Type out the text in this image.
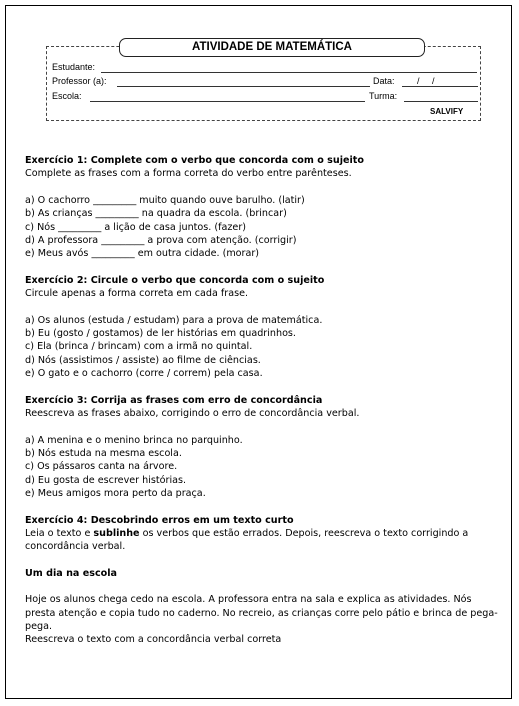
ATIVIDADE DE MATEMÁTICA
Estudante:
Professor (a):	Data: / /
Escola:	Turma:
SALVIFY

Exercício 1: Complete com o verbo que concorda com o sujeito

Complete as frases com a forma correta do verbo entre parênteses.

a) O cachorro _________ muito quando ouve barulho. (latir)

b) As crianças _________ na quadra da escola. (brincar)

c) Nós _________ a lição de casa juntos. (fazer)

d) A professora _________ a prova com atenção. (corrigir)

e) Meus avós _________ em outra cidade. (morar)

Exercício 2: Circule o verbo que concorda com o sujeito

Circule apenas a forma correta em cada frase.

a) Os alunos (estuda / estudam) para a prova de matemática.

b) Eu (gosto / gostamos) de ler histórias em quadrinhos.

c) Ela (brinca / brincam) com a irmã no quintal.

d) Nós (assistimos / assiste) ao filme de ciências.

e) O gato e o cachorro (corre / correm) pela casa.

Exercício 3: Corrija as frases com erro de concordância

Reescreva as frases abaixo, corrigindo o erro de concordância verbal.

a) A menina e o menino brinca no parquinho.

b) Nós estuda na mesma escola.

c) Os pássaros canta na árvore.

d) Eu gosta de escrever histórias.

e) Meus amigos mora perto da praça.

Exercício 4: Descobrindo erros em um texto curto

Leia o texto e sublinhe os verbos que estão errados. Depois, reescreva o texto corrigindo a concordância verbal.

Um dia na escola

Hoje os alunos chega cedo na escola. A professora entra na sala e explica as atividades. Nós presta atenção e copia tudo no caderno. No recreio, as crianças corre pelo pátio e brinca de pega-pega.

Reescreva o texto com a concordância verbal correta
